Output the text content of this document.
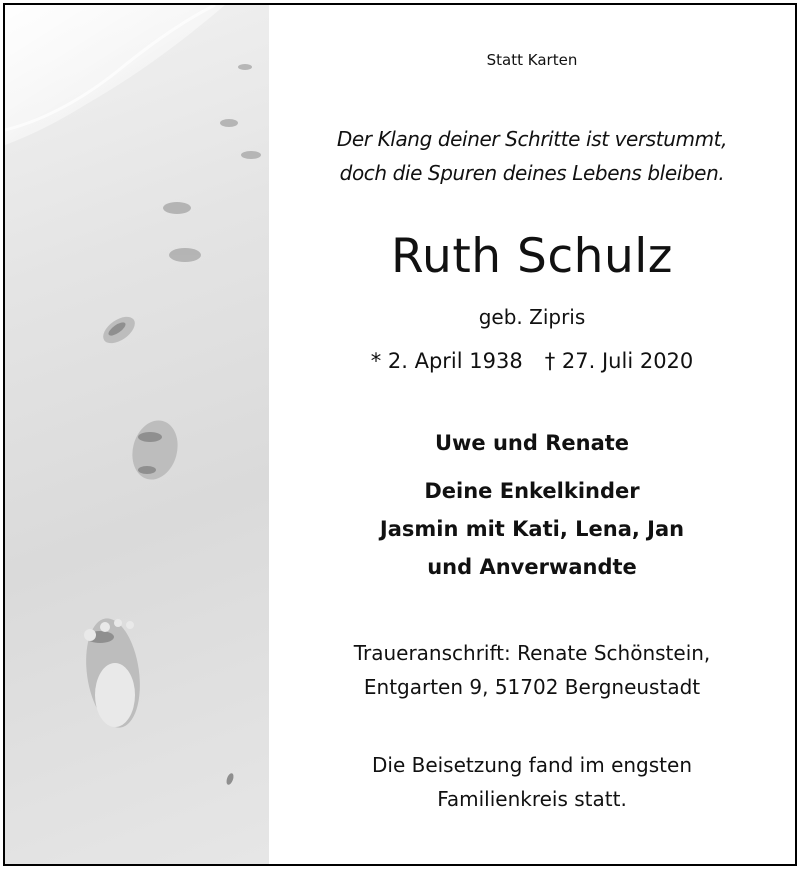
Statt Karten
Der Klang deiner Schritte ist verstummt,
doch die Spuren deines Lebens bleiben.
Ruth Schulz
geb. Zipris
* 2. April 1938 † 27. Juli 2020
Uwe und Renate
Deine Enkelkinder
Jasmin mit Kati, Lena, Jan
und Anverwandte
Traueranschrift: Renate Schönstein,
Entgarten 9, 51702 Bergneustadt
Die Beisetzung fand im engsten
Familienkreis statt.
